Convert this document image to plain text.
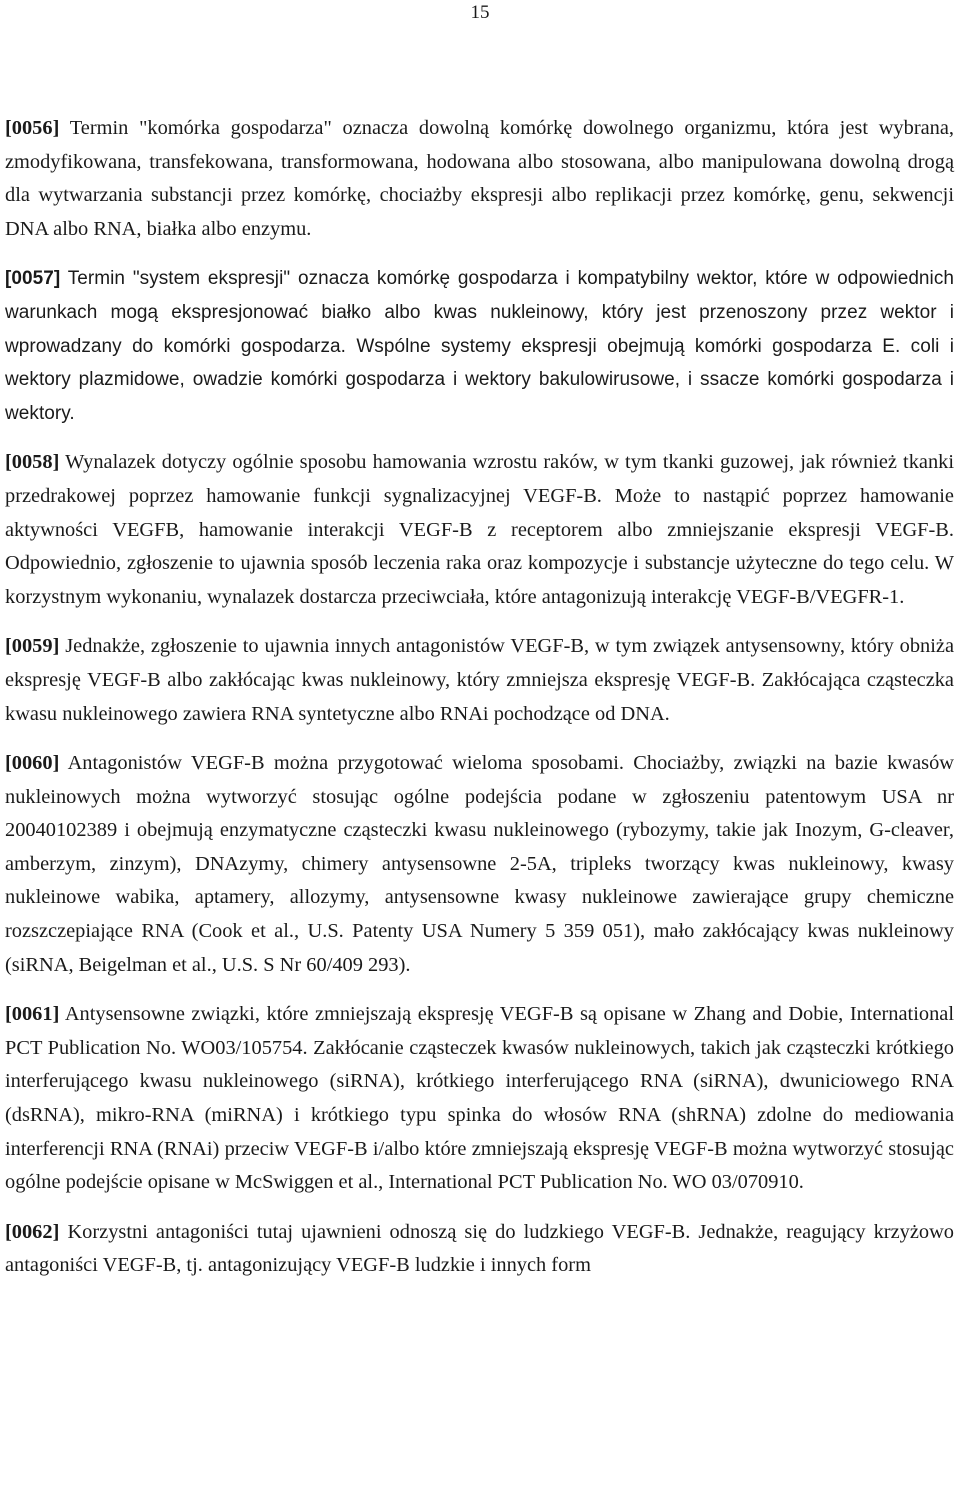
15

[0056] Termin "komórka gospodarza" oznacza dowolną komórkę dowolnego organizmu, która jest wybrana, zmodyfikowana, transfekowana, transformowana, hodowana albo stosowana, albo manipulowana dowolną drogą dla wytwarzania substancji przez komórkę, chociażby ekspresji albo replikacji przez komórkę, genu, sekwencji DNA albo RNA, białka albo enzymu.

[0057] Termin "system ekspresji" oznacza komórkę gospodarza i kompatybilny wektor, które w odpowiednich warunkach mogą ekspresjonować białko albo kwas nukleinowy, który jest przenoszony przez wektor i wprowadzany do komórki gospodarza. Wspólne systemy ekspresji obejmują komórki gospodarza E. coli i wektory plazmidowe, owadzie komórki gospodarza i wektory bakulowirusowe, i ssacze komórki gospodarza i wektory.

[0058] Wynalazek dotyczy ogólnie sposobu hamowania wzrostu raków, w tym tkanki guzowej, jak również tkanki przedrakowej poprzez hamowanie funkcji sygnalizacyjnej VEGF-B. Może to nastąpić poprzez hamowanie aktywności VEGFB, hamowanie interakcji VEGF-B z receptorem albo zmniejszanie ekspresji VEGF-B. Odpowiednio, zgłoszenie to ujawnia sposób leczenia raka oraz kompozycje i substancje użyteczne do tego celu. W korzystnym wykonaniu, wynalazek dostarcza przeciwciała, które antagonizują interakcję VEGF-B/VEGFR-1.

[0059] Jednakże, zgłoszenie to ujawnia innych antagonistów VEGF-B, w tym związek antysensowny, który obniża ekspresję VEGF-B albo zakłócając kwas nukleinowy, który zmniejsza ekspresję VEGF-B. Zakłócająca cząsteczka kwasu nukleinowego zawiera RNA syntetyczne albo RNAi pochodzące od DNA.

[0060] Antagonistów VEGF-B można przygotować wieloma sposobami. Chociażby, związki na bazie kwasów nukleinowych można wytworzyć stosując ogólne podejścia podane w zgłoszeniu patentowym USA nr 20040102389 i obejmują enzymatyczne cząsteczki kwasu nukleinowego (rybozymy, takie jak Inozym, G-cleaver, amberzym, zinzym), DNAzymy, chimery antysensowne 2-5A, tripleks tworzący kwas nukleinowy, kwasy nukleinowe wabika, aptamery, allozymy, antysensowne kwasy nukleinowe zawierające grupy chemiczne rozszczepiające RNA (Cook et al., U.S. Patenty USA Numery 5 359 051), mało zakłócający kwas nukleinowy (siRNA, Beigelman et al., U.S. S Nr 60/409 293).

[0061] Antysensowne związki, które zmniejszają ekspresję VEGF-B są opisane w Zhang and Dobie, International PCT Publication No. WO03/105754. Zakłócanie cząsteczek kwasów nukleinowych, takich jak cząsteczki krótkiego interferującego kwasu nukleinowego (siRNA), krótkiego interferującego RNA (siRNA), dwuniciowego RNA (dsRNA), mikro-RNA (miRNA) i krótkiego typu spinka do włosów RNA (shRNA) zdolne do mediowania interferencji RNA (RNAi) przeciw VEGF-B i/albo które zmniejszają ekspresję VEGF-B można wytworzyć stosując ogólne podejście opisane w McSwiggen et al., International PCT Publication No. WO 03/070910.

[0062] Korzystni antagoniści tutaj ujawnieni odnoszą się do ludzkiego VEGF-B. Jednakże, reagujący krzyżowo antagoniści VEGF-B, tj. antagonizujący VEGF-B ludzkie i innych form
